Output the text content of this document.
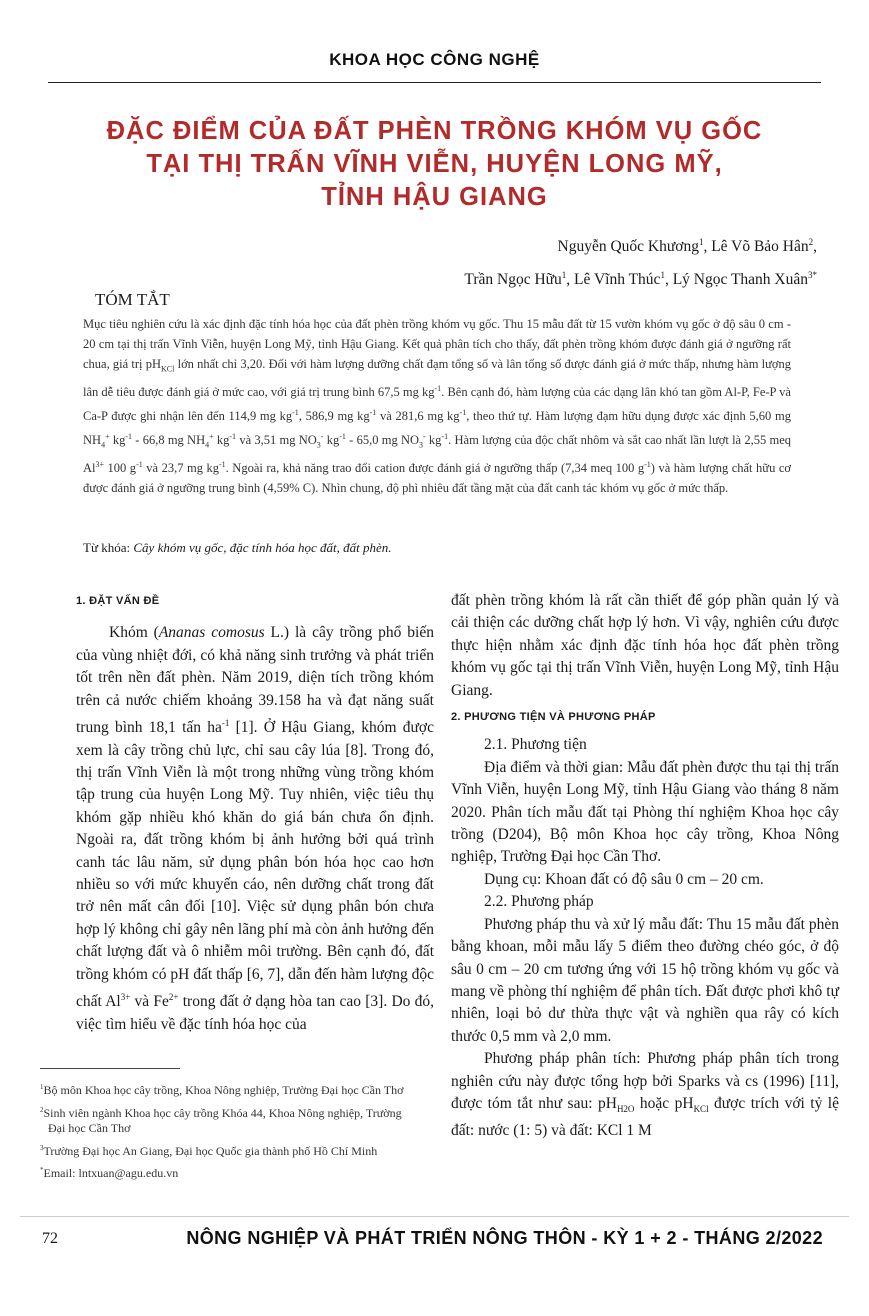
KHOA HỌC CÔNG NGHỆ
ĐẶC ĐIỂM CỦA ĐẤT PHÈN TRỒNG KHÓM VỤ GỐC
TẠI THỊ TRẤN VĨNH VIỄN, HUYỆN LONG MỸ,
TỈNH HẬU GIANG
Nguyễn Quốc Khương$^1$, Lê Võ Bảo Hân$^2$,
Trần Ngọc Hữu$^1$, Lê Vĩnh Thúc$^1$, Lý Ngọc Thanh Xuân$^{3*}$
TÓM TẮT
Mục tiêu nghiên cứu là xác định đặc tính hóa học của đất phèn trồng khóm vụ gốc. Thu 15 mẫu đất từ 15 vườn khóm vụ gốc ở độ sâu 0 cm - 20 cm tại thị trấn Vĩnh Viễn, huyện Long Mỹ, tỉnh Hậu Giang. Kết quả phân tích cho thấy, đất phèn trồng khóm được đánh giá ở ngưỡng rất chua, giá trị $pH_{KCl}$ lớn nhất chỉ 3,20. Đối với hàm lượng dưỡng chất đạm tổng số và lân tổng số được đánh giá ở mức thấp, nhưng hàm lượng lân dễ tiêu được đánh giá ở mức cao, với giá trị trung bình 67,5 mg $kg^{-1}$. Bên cạnh đó, hàm lượng của các dạng lân khó tan gồm Al-P, Fe-P và Ca-P được ghi nhận lên đến 114,9 mg $kg^{-1}$, 586,9 mg $kg^{-1}$ và 281,6 mg $kg^{-1}$, theo thứ tự. Hàm lượng đạm hữu dụng được xác định 5,60 mg $NH_4^+$ $kg^{-1} - 66,8$ mg $NH_4^+$ $kg^{-1}$ và 3,51 mg $NO_3^-$ $kg^{-1} - 65,0$ mg $NO_3^-$ $kg^{-1}$. Hàm lượng của độc chất nhôm và sắt cao nhất lần lượt là 2,55 meq $Al^{3+}$ 100 $g^{-1}$ và 23,7 mg $kg^{-1}$. Ngoài ra, khả năng trao đổi cation được đánh giá ở ngưỡng thấp (7,34 meq 100 $g^{-1}$) và hàm lượng chất hữu cơ được đánh giá ở ngưỡng trung bình (4,59% C). Nhìn chung, độ phì nhiêu đất tầng mặt của đất canh tác khóm vụ gốc ở mức thấp.
Từ khóa: Cây khóm vụ gốc, đặc tính hóa học đất, đất phèn.
1. ĐẶT VẤN ĐỀ

Khóm (Ananas comosus L.) là cây trồng phổ biến của vùng nhiệt đới, có khả năng sinh trưởng và phát triển tốt trên nền đất phèn. Năm 2019, diện tích trồng khóm trên cả nước chiếm khoảng 39.158 ha và đạt năng suất trung bình 18,1 tấn $ha^{-1}$ [1]. Ở Hậu Giang, khóm được xem là cây trồng chủ lực, chỉ sau cây lúa [8]. Trong đó, thị trấn Vĩnh Viễn là một trong những vùng trồng khóm tập trung của huyện Long Mỹ. Tuy nhiên, việc tiêu thụ khóm gặp nhiều khó khăn do giá bán chưa ổn định. Ngoài ra, đất trồng khóm bị ảnh hưởng bởi quá trình canh tác lâu năm, sử dụng phân bón hóa học cao hơn nhiều so với mức khuyến cáo, nên dưỡng chất trong đất trở nên mất cân đối [10]. Việc sử dụng phân bón chưa hợp lý không chỉ gây nên lãng phí mà còn ảnh hưởng đến chất lượng đất và ô nhiễm môi trường. Bên cạnh đó, đất trồng khóm có pH đất thấp [6, 7], dẫn đến hàm lượng độc chất $Al^{3+}$ và $Fe^{2+}$ trong đất ở dạng hòa tan cao [3]. Do đó, việc tìm hiểu về đặc tính hóa học của

$^1$Bộ môn Khoa học cây trồng, Khoa Nông nghiệp, Trường Đại học Cần Thơ
$^2$Sinh viên ngành Khoa học cây trồng Khóa 44, Khoa Nông nghiệp, Trường Đại học Cần Thơ
$^3$Trường Đại học An Giang, Đại học Quốc gia thành phố Hồ Chí Minh
*Email: lntxuan@agu.edu.vn

đất phèn trồng khóm là rất cần thiết để góp phần quản lý và cải thiện các dưỡng chất hợp lý hơn. Vì vậy, nghiên cứu được thực hiện nhằm xác định đặc tính hóa học đất phèn trồng khóm vụ gốc tại thị trấn Vĩnh Viễn, huyện Long Mỹ, tỉnh Hậu Giang.

2. PHƯƠNG TIỆN VÀ PHƯƠNG PHÁP

2.1. Phương tiện

Địa điểm và thời gian: Mẫu đất phèn được thu tại thị trấn Vĩnh Viễn, huyện Long Mỹ, tỉnh Hậu Giang vào tháng 8 năm 2020. Phân tích mẫu đất tại Phòng thí nghiệm Khoa học cây trồng (D204), Bộ môn Khoa học cây trồng, Khoa Nông nghiệp, Trường Đại học Cần Thơ.

Dụng cụ: Khoan đất có độ sâu 0 cm – 20 cm.

2.2. Phương pháp

Phương pháp thu và xử lý mẫu đất: Thu 15 mẫu đất phèn bằng khoan, mỗi mẫu lấy 5 điểm theo đường chéo góc, ở độ sâu 0 cm – 20 cm tương ứng với 15 hộ trồng khóm vụ gốc và mang về phòng thí nghiệm để phân tích. Đất được phơi khô tự nhiên, loại bỏ dư thừa thực vật và nghiền qua rây có kích thước 0,5 mm và 2,0 mm.

Phương pháp phân tích: Phương pháp phân tích trong nghiên cứu này được tổng hợp bởi Sparks và cs (1996) [11], được tóm tắt như sau: $pH_{H2O}$ hoặc $pH_{KCl}$ được trích với tỷ lệ đất: nước (1: 5) và đất: KCl 1 M

72	NÔNG NGHIỆP VÀ PHÁT TRIỂN NÔNG THÔN - KỲ 1 + 2 - THÁNG 2/2022
